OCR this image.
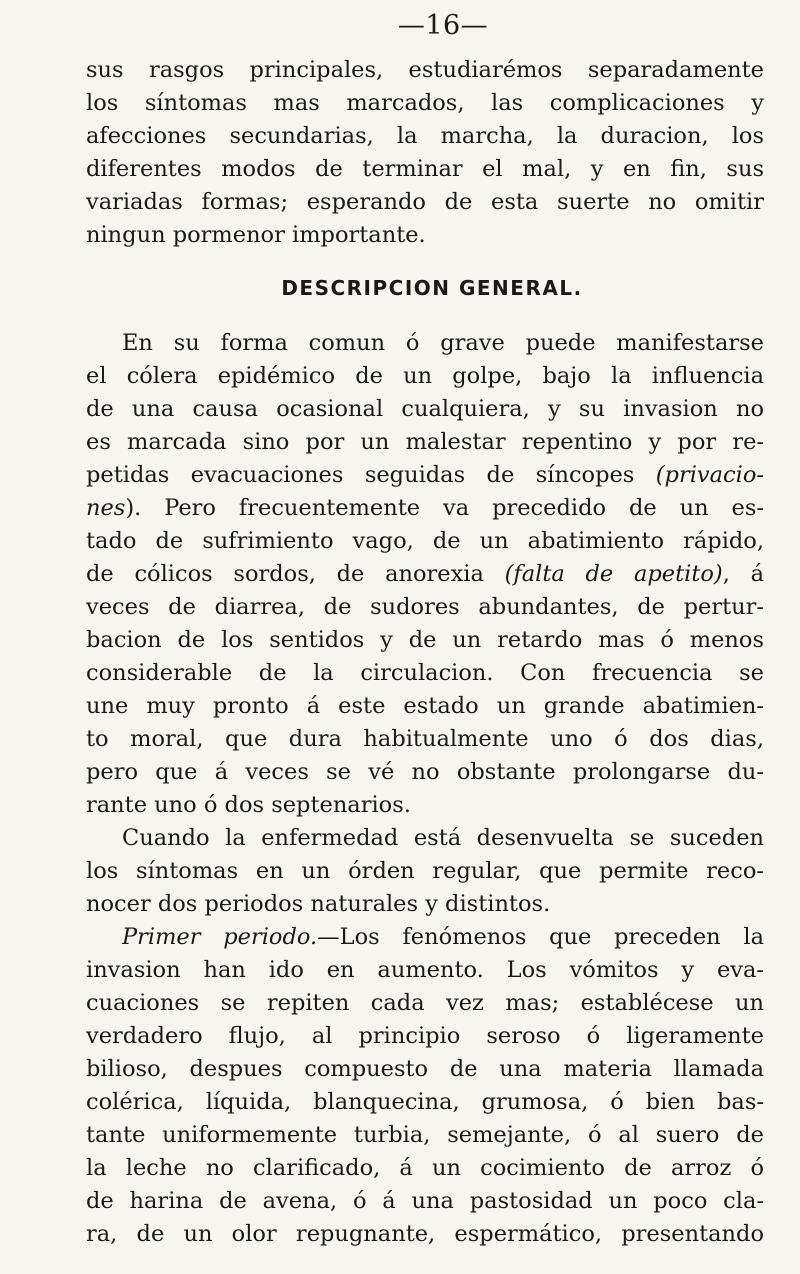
—16—
sus rasgos principales, estudiarémos separadamente
los síntomas mas marcados, las complicaciones y
afecciones secundarias, la marcha, la duracion, los
diferentes modos de terminar el mal, y en fin, sus
variadas formas; esperando de esta suerte no omitir
ningun pormenor importante.
DESCRIPCION GENERAL.
En su forma comun ó grave puede manifestarse
el cólera epidémico de un golpe, bajo la influencia
de una causa ocasional cualquiera, y su invasion no
es marcada sino por un malestar repentino y por re-
petidas evacuaciones seguidas de síncopes (privacio-
nes). Pero frecuentemente va precedido de un es-
tado de sufrimiento vago, de un abatimiento rápido,
de cólicos sordos, de anorexia (falta de apetito), á
veces de diarrea, de sudores abundantes, de pertur-
bacion de los sentidos y de un retardo mas ó menos
considerable de la circulacion. Con frecuencia se
une muy pronto á este estado un grande abatimien-
to moral, que dura habitualmente uno ó dos dias,
pero que á veces se vé no obstante prolongarse du-
rante uno ó dos septenarios.
Cuando la enfermedad está desenvuelta se suceden
los síntomas en un órden regular, que permite reco-
nocer dos periodos naturales y distintos.
Primer periodo.—Los fenómenos que preceden la
invasion han ido en aumento. Los vómitos y eva-
cuaciones se repiten cada vez mas; establécese un
verdadero flujo, al principio seroso ó ligeramente
bilioso, despues compuesto de una materia llamada
colérica, líquida, blanquecina, grumosa, ó bien bas-
tante uniformemente turbia, semejante, ó al suero de
la leche no clarificado, á un cocimiento de arroz ó
de harina de avena, ó á una pastosidad un poco cla-
ra, de un olor repugnante, espermático, presentando
